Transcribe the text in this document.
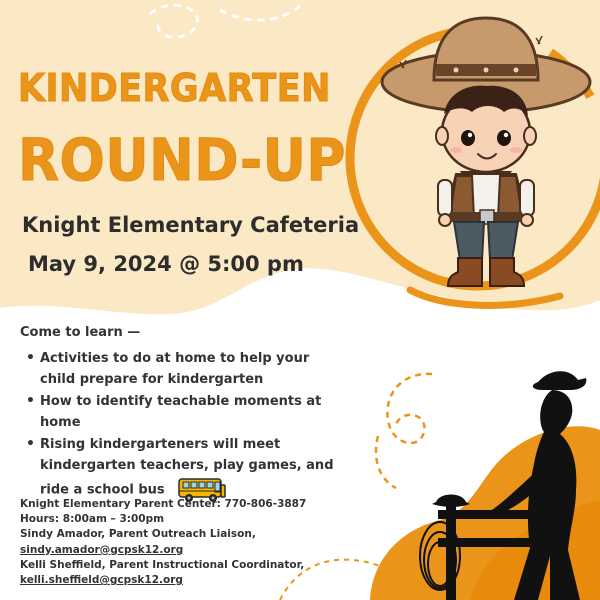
KINDERGARTEN
ROUND-UP
Knight Elementary Cafeteria
May 9, 2024 @ 5:00 pm
Come to learn —
• Activities to do at home to help your child prepare for kindergarten
• How to identify teachable moments at home
• Rising kindergarteners will meet kindergarten teachers, play games, and ride a school bus
Knight Elementary Parent Center: 770-806-3887
Hours: 8:00am – 3:00pm
Sindy Amador, Parent Outreach Liaison,
sindy.amador@gcpsk12.org
Kelli Sheffield, Parent Instructional Coordinator,
kelli.sheffield@gcpsk12.org
